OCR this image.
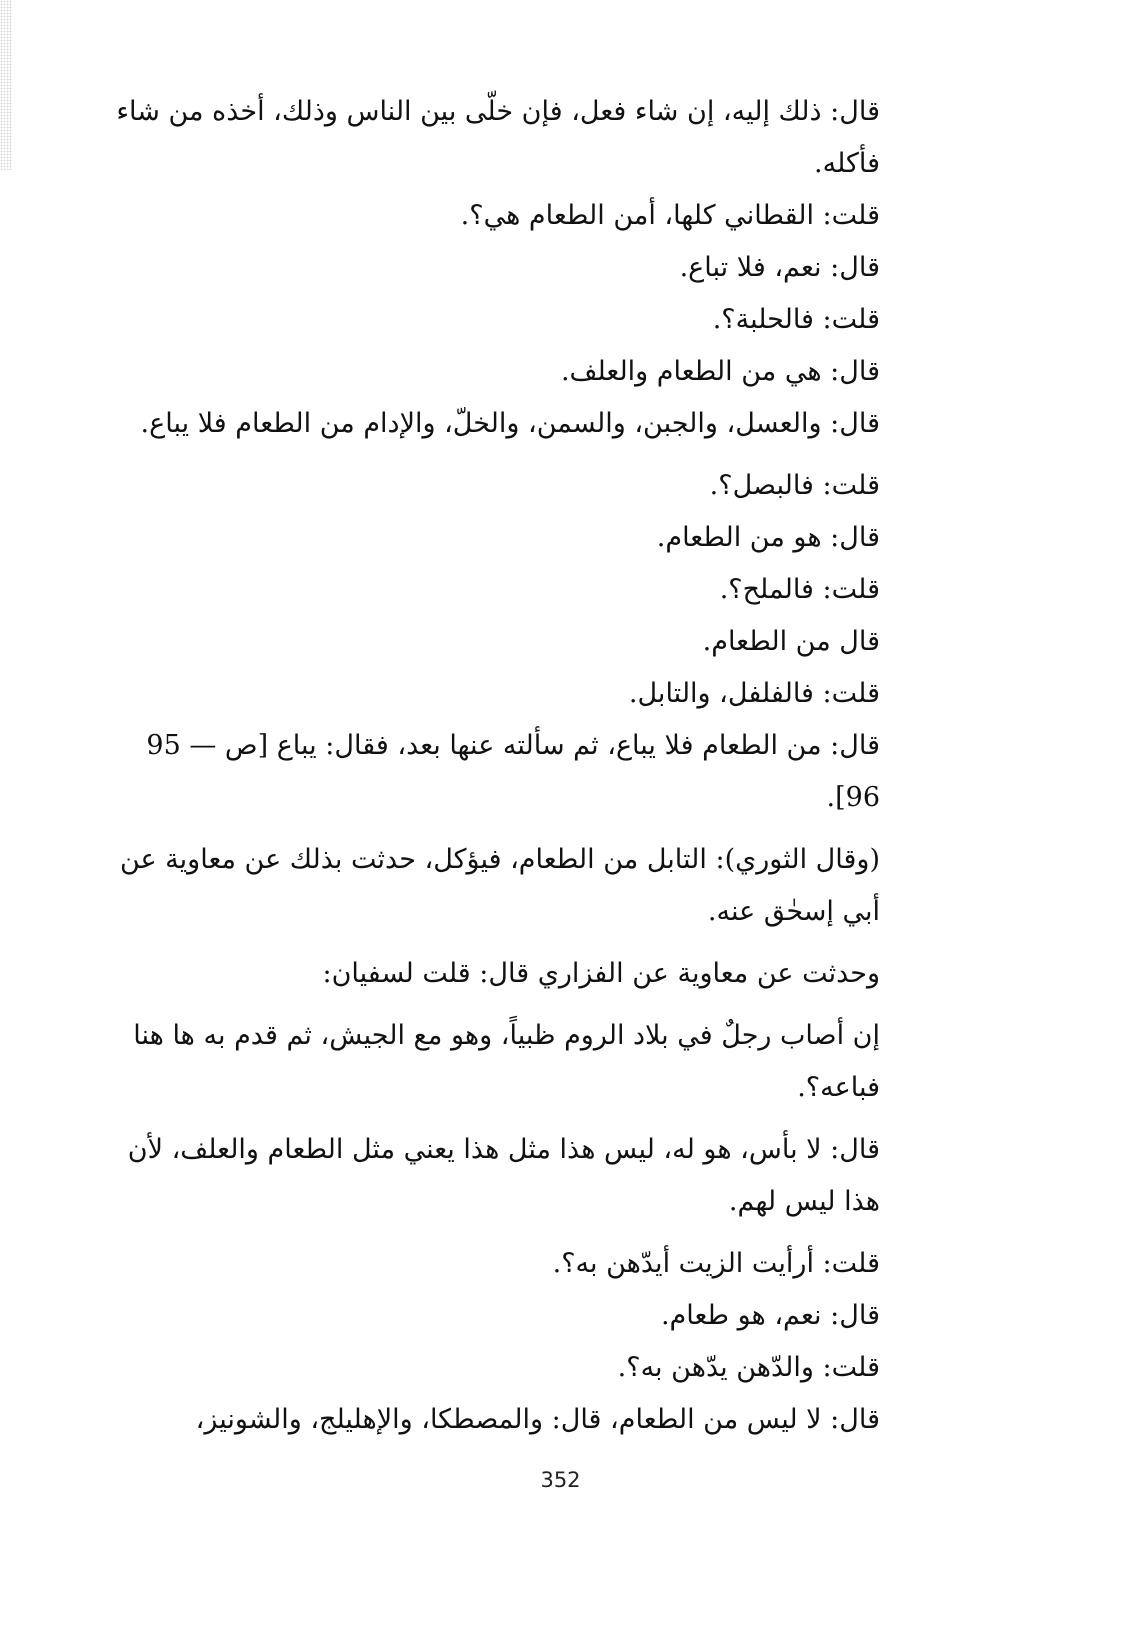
قال: ذلك إليه، إن شاء فعل، فإن خلّى بين الناس وذلك، أخذه من شاء
فأكله.
قلت: القطاني كلها، أمن الطعام هي؟.
قال: نعم، فلا تباع.
قلت: فالحلبة؟.
قال: هي من الطعام والعلف.
قال: والعسل، والجبن، والسمن، والخلّ، والإدام من الطعام فلا يباع.
قلت: فالبصل؟.
قال: هو من الطعام.
قلت: فالملح؟.
قال من الطعام.
قلت: فالفلفل، والتابل.
قال: من الطعام فلا يباع، ثم سألته عنها بعد، فقال: يباع [ص — 95
96].
(وقال الثوري): التابل من الطعام، فيؤكل، حدثت بذلك عن معاوية عن
أبي إسحٰق عنه.
وحدثت عن معاوية عن الفزاري قال: قلت لسفيان:
إن أصاب رجلٌ في بلاد الروم ظبياً، وهو مع الجيش، ثم قدم به ها هنا
فباعه؟.
قال: لا بأس، هو له، ليس هذا مثل هذا يعني مثل الطعام والعلف، لأن
هذا ليس لهم.
قلت: أرأيت الزيت أيدّهن به؟.
قال: نعم، هو طعام.
قلت: والدّهن يدّهن به؟.
قال: لا ليس من الطعام، قال: والمصطكا، والإهليلج، والشونيز،
352
